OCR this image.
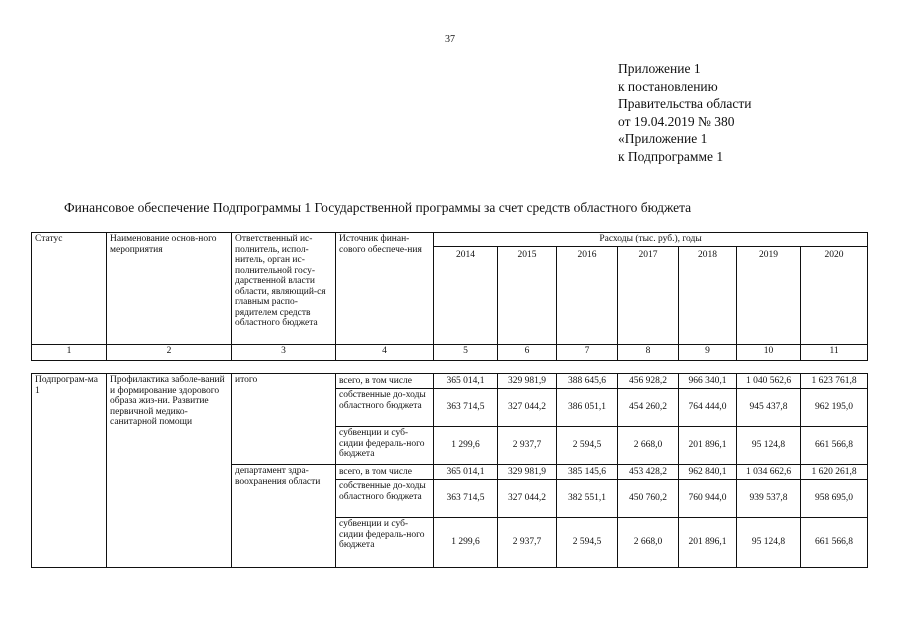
37
Приложение 1
к постановлению
Правительства области
от 19.04.2019 № 380
«Приложение 1
к Подпрограмме 1
Финансовое обеспечение Подпрограммы 1 Государственной программы за счет средств областного бюджета
Статус	Наименование основ-ного мероприятия	Ответственный ис-полнитель, испол-нитель, орган ис-полнительной госу-дарственной власти области, являющий-ся главным распо-рядителем средств областного бюджета	Источник финан-сового обеспече-ния	Расходы (тыс. руб.), годы						
				2014	2015	2016	2017	2018	2019	2020
1	2	3	4	5	6	7	8	9	10	11
Подпрограм-ма 1	Профилактика заболе-ваний и формирование здорового образа жиз-ни. Развитие первичной медико-санитарной помощи	итого	всего, в том числе	365 014,1	329 981,9	388 645,6	456 928,2	966 340,1	1 040 562,6	1 623 761,8
			собственные до-ходы областного бюджета	363 714,5	327 044,2	386 051,1	454 260,2	764 444,0	945 437,8	962 195,0
			субвенции и суб-сидии федераль-ного бюджета	1 299,6	2 937,7	2 594,5	2 668,0	201 896,1	95 124,8	661 566,8
		департамент здра-воохранения области	всего, в том числе	365 014,1	329 981,9	385 145,6	453 428,2	962 840,1	1 034 662,6	1 620 261,8
			собственные до-ходы областного бюджета	363 714,5	327 044,2	382 551,1	450 760,2	760 944,0	939 537,8	958 695,0
			субвенции и суб-сидии федераль-ного бюджета	1 299,6	2 937,7	2 594,5	2 668,0	201 896,1	95 124,8	661 566,8
